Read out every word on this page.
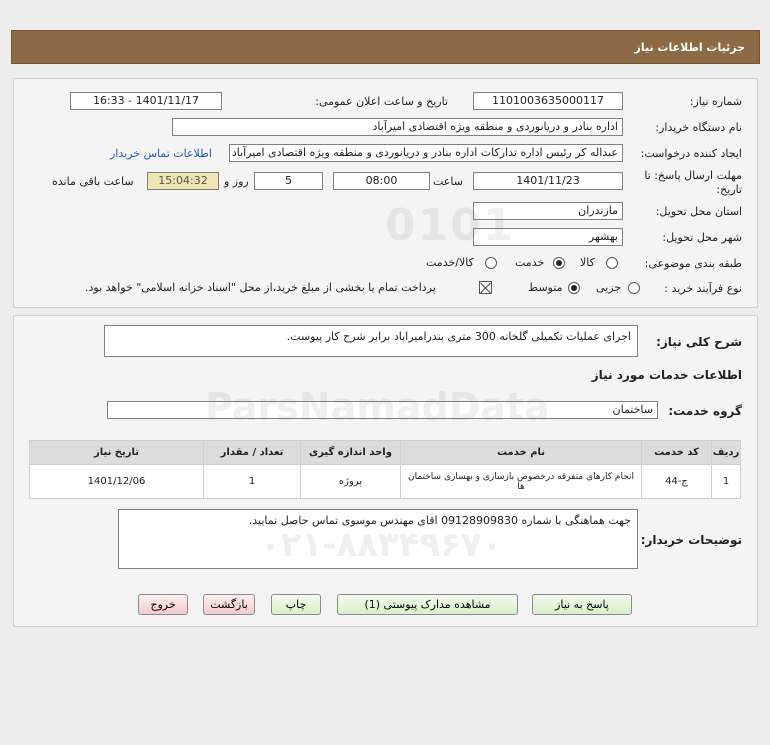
جزئیات اطلاعات نیاز
شماره نیاز:
1101003635000117
تاریخ و ساعت اعلان عمومی:
1401/11/17 - 16:33
نام دستگاه خریدار:
اداره بنادر و دریانوردی و منطقه ویژه اقتصادی امیرآباد
ایجاد کننده درخواست:
عبداله کر رئیس اداره تدارکات اداره بنادر و دریانوردی و منطقه ویژه اقتصادی امیرآباد
اطلاعات تماس خریدار
مهلت ارسال پاسخ: تا
تاریخ:
1401/11/23
ساعت
08:00
5
روز و
15:04:32
ساعت باقی مانده
استان محل تحویل:
مازندران
شهر محل تحویل:
بهشهر
طبقه بندی موضوعی:
کالا
خدمت
کالا/خدمت
نوع فرآیند خرید :
جزیی
متوسط
پرداخت تمام یا بخشی از مبلغ خرید،از محل "اسناد خزانه اسلامی" خواهد بود.
شرح کلی نیاز:
اجرای عملیات تکمیلی گلخانه 300 متری بندرامیراباد برابر شرح کار پیوست.
اطلاعات خدمات مورد نیاز
گروه خدمت:
ساختمان
ردیف	کد خدمت	نام خدمت	واحد اندازه گیری	تعداد / مقدار	تاریخ نیاز
1	ج-44	انجام کارهای متفرقه درخصوص بازسازی و بهسازی ساختمان ها	پروژه	1	1401/12/06
توضیحات خریدار:
جهت هماهنگی با شماره 09128909830 اقای مهندس موسوی تماس حاصل نمایید.
پاسخ به نیاز
مشاهده مدارک پیوستی (1)
چاپ
بازگشت
خروج
